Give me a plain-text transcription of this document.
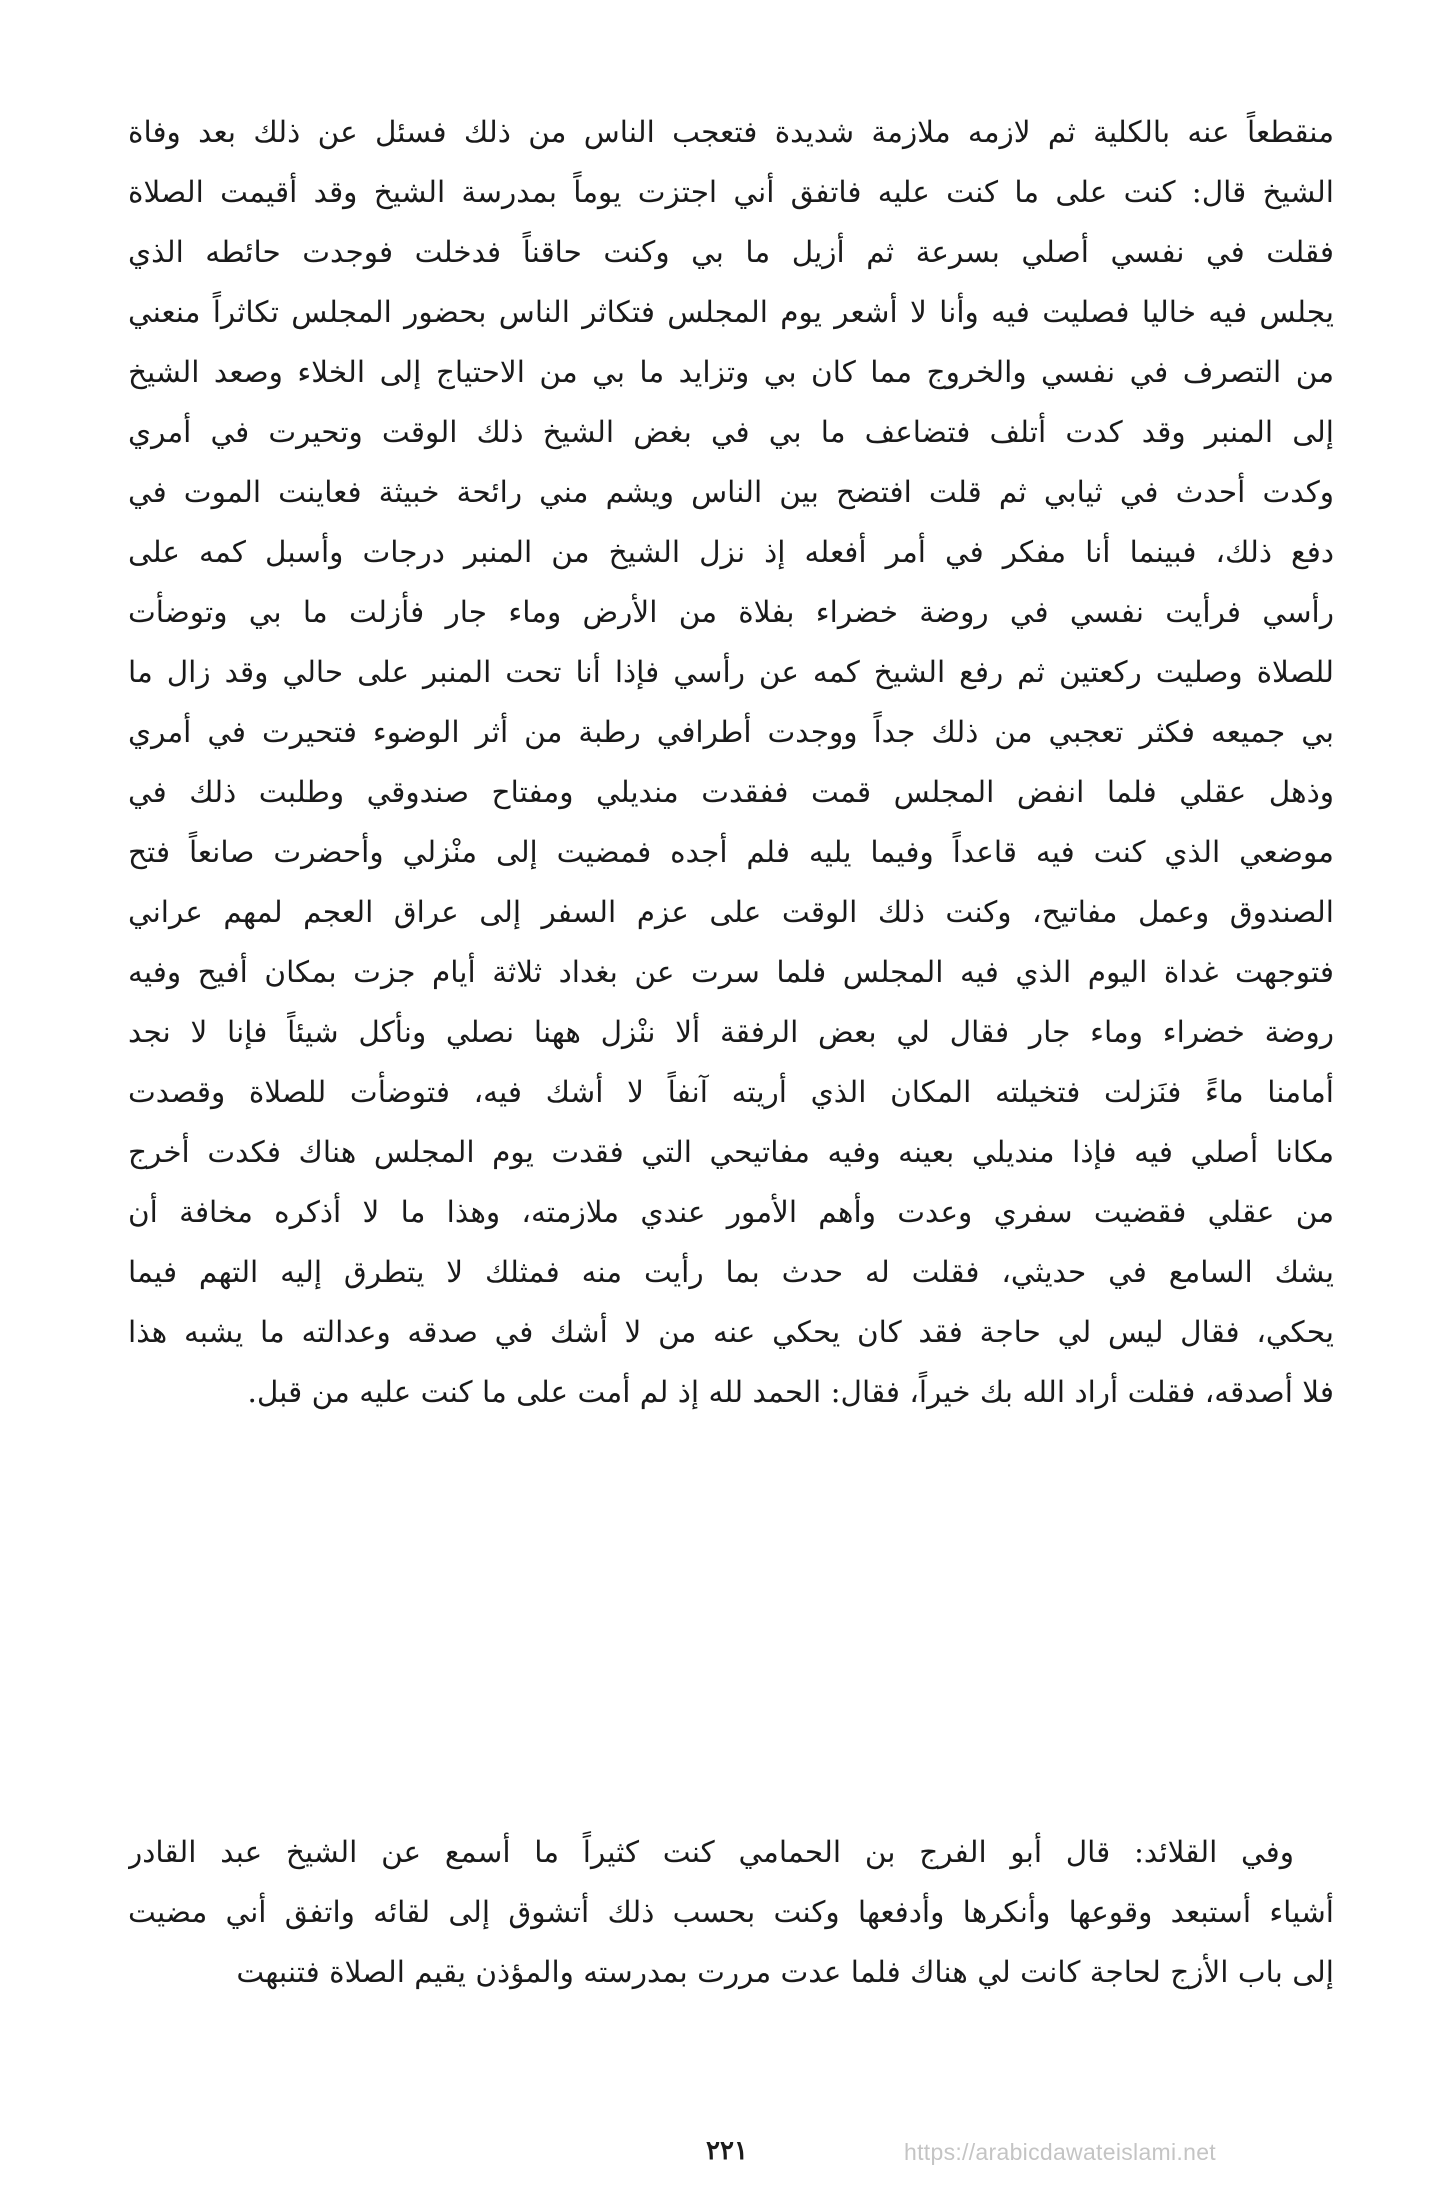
منقطعاً عنه بالكلية ثم لازمه ملازمة شديدة فتعجب الناس من ذلك فسئل عن ذلك بعد وفاة
الشيخ قال: كنت على ما كنت عليه فاتفق أني اجتزت يوماً بمدرسة الشيخ وقد أقيمت الصلاة
فقلت في نفسي أصلي بسرعة ثم أزيل ما بي وكنت حاقناً فدخلت فوجدت حائطه الذي
يجلس فيه خاليا فصليت فيه وأنا لا أشعر يوم المجلس فتكاثر الناس بحضور المجلس تكاثراً منعني
من التصرف في نفسي والخروج مما كان بي وتزايد ما بي من الاحتياج إلى الخلاء وصعد الشيخ
إلى المنبر وقد كدت أتلف فتضاعف ما بي في بغض الشيخ ذلك الوقت وتحيرت في أمري
وكدت أحدث في ثيابي ثم قلت افتضح بين الناس ويشم مني رائحة خبيثة فعاينت الموت في
دفع ذلك، فبينما أنا مفكر في أمر أفعله إذ نزل الشيخ من المنبر درجات وأسبل كمه على
رأسي فرأيت نفسي في روضة خضراء بفلاة من الأرض وماء جار فأزلت ما بي وتوضأت
للصلاة وصليت ركعتين ثم رفع الشيخ كمه عن رأسي فإذا أنا تحت المنبر على حالي وقد زال ما
بي جميعه فكثر تعجبي من ذلك جداً ووجدت أطرافي رطبة من أثر الوضوء فتحيرت في أمري
وذهل عقلي فلما انفض المجلس قمت ففقدت منديلي ومفتاح صندوقي وطلبت ذلك في
موضعي الذي كنت فيه قاعداً وفيما يليه فلم أجده فمضيت إلى منْزلي وأحضرت صانعاً فتح
الصندوق وعمل مفاتيح، وكنت ذلك الوقت على عزم السفر إلى عراق العجم لمهم عراني
فتوجهت غداة اليوم الذي فيه المجلس فلما سرت عن بغداد ثلاثة أيام جزت بمكان أفيح وفيه
روضة خضراء وماء جار فقال لي بعض الرفقة ألا ننْزل ههنا نصلي ونأكل شيئاً فإنا لا نجد
أمامنا ماءً فنَزلت فتخيلته المكان الذي أريته آنفاً لا أشك فيه، فتوضأت للصلاة وقصدت
مكانا أصلي فيه فإذا منديلي بعينه وفيه مفاتيحي التي فقدت يوم المجلس هناك فكدت أخرج
من عقلي فقضيت سفري وعدت وأهم الأمور عندي ملازمته، وهذا ما لا أذكره مخافة أن
يشك السامع في حديثي، فقلت له حدث بما رأيت منه فمثلك لا يتطرق إليه التهم فيما
يحكي، فقال ليس لي حاجة فقد كان يحكي عنه من لا أشك في صدقه وعدالته ما يشبه هذا
فلا أصدقه، فقلت أراد الله بك خيراً، فقال: الحمد لله إذ لم أمت على ما كنت عليه من قبل.
وفي القلائد: قال أبو الفرج بن الحمامي كنت كثيراً ما أسمع عن الشيخ عبد القادر
أشياء أستبعد وقوعها وأنكرها وأدفعها وكنت بحسب ذلك أتشوق إلى لقائه واتفق أني مضيت
إلى باب الأزج لحاجة كانت لي هناك فلما عدت مررت بمدرسته والمؤذن يقيم الصلاة فتنبهت
٢٢١	https://arabicdawateislami.net
